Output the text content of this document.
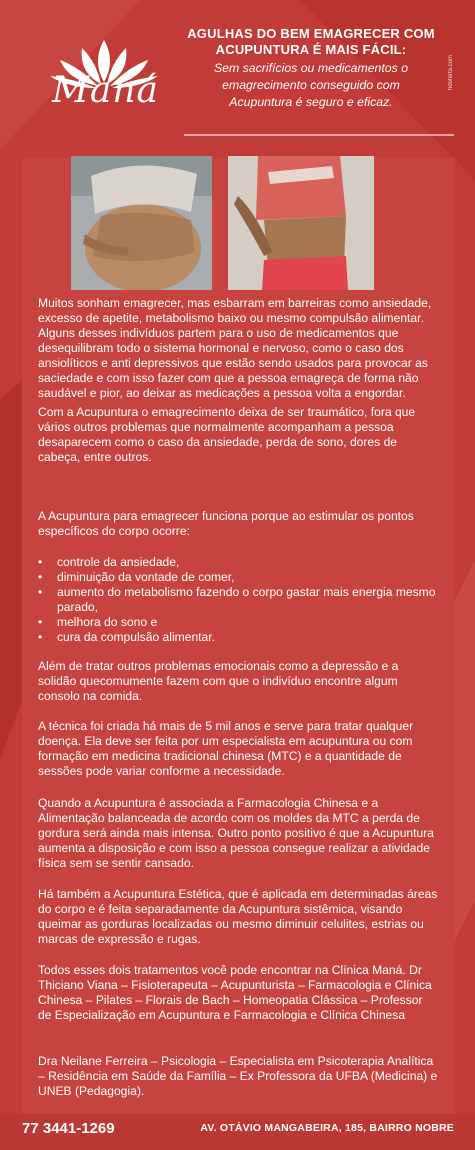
Maná
AGULHAS DO BEM EMAGRECER COM
ACUPUNTURA É MAIS FÁCIL:
Sem sacrifícios ou medicamentos o
emagrecimento conseguido com
Acupuntura é seguro e eficaz.
hdoferta.com
Muitos sonham emagrecer, mas esbarram em barreiras como ansiedade, excesso de apetite, metabolismo baixo ou mesmo compulsão alimentar. Alguns desses indivíduos partem para o uso de medicamentos que desequilibram todo o sistema hormonal e nervoso, como o caso dos ansiolíticos e anti depressivos que estão sendo usados para provocar as saciedade e com isso fazer com que a pessoa emagreça de forma não saudável e pior, ao deixar as medicações a pessoa volta a engordar.
Com a Acupuntura o emagrecimento deixa de ser traumático, fora que vários outros problemas que normalmente acompanham a pessoa desaparecem como o caso da ansiedade, perda de sono, dores de cabeça, entre outros.
A Acupuntura para emagrecer funciona porque ao estimular os pontos específicos do corpo ocorre:
• controle da ansiedade,
• diminuição da vontade de comer,
• aumento do metabolismo fazendo o corpo gastar mais energia mesmo parado,
• melhora do sono e
• cura da compulsão alimentar.
Além de tratar outros problemas emocionais como a depressão e a solidão quecomumente fazem com que o indivíduo encontre algum consolo na comida.
A técnica foi criada há mais de 5 mil anos e serve para tratar qualquer doença. Ela deve ser feita por um especialista em acupuntura ou com formação em medicina tradicional chinesa (MTC) e a quantidade de sessões pode variar conforme a necessidade.
Quando a Acupuntura é associada a Farmacologia Chinesa e a Alimentação balanceada de acordo com os moldes da MTC a perda de gordura será ainda mais intensa. Outro ponto positivo é que a Acupuntura aumenta a disposição e com isso a pessoa consegue realizar a atividade física sem se sentir cansado.
Há também a Acupuntura Estética, que é aplicada em determinadas áreas do corpo e é feita separadamente da Acupuntura sistêmica, visando queimar as gorduras localizadas ou mesmo diminuir celulites, estrias ou marcas de expressão e rugas.
Todos esses dois tratamentos você pode encontrar na Clínica Maná. Dr Thiciano Viana – Fisioterapeuta – Acupunturista – Farmacologia e Clínica Chinesa – Pilates – Florais de Bach – Homeopatia Clássica – Professor de Especialização em Acupuntura e Farmacologia e Clínica Chinesa
Dra Neilane Ferreira – Psicologia – Especialista em Psicoterapia Analítica – Residência em Saúde da Família – Ex Professora da UFBA (Medicina) e UNEB (Pedagogia).
77 3441-1269	AV. OTÁVIO MANGABEIRA, 185, BAIRRO NOBRE
